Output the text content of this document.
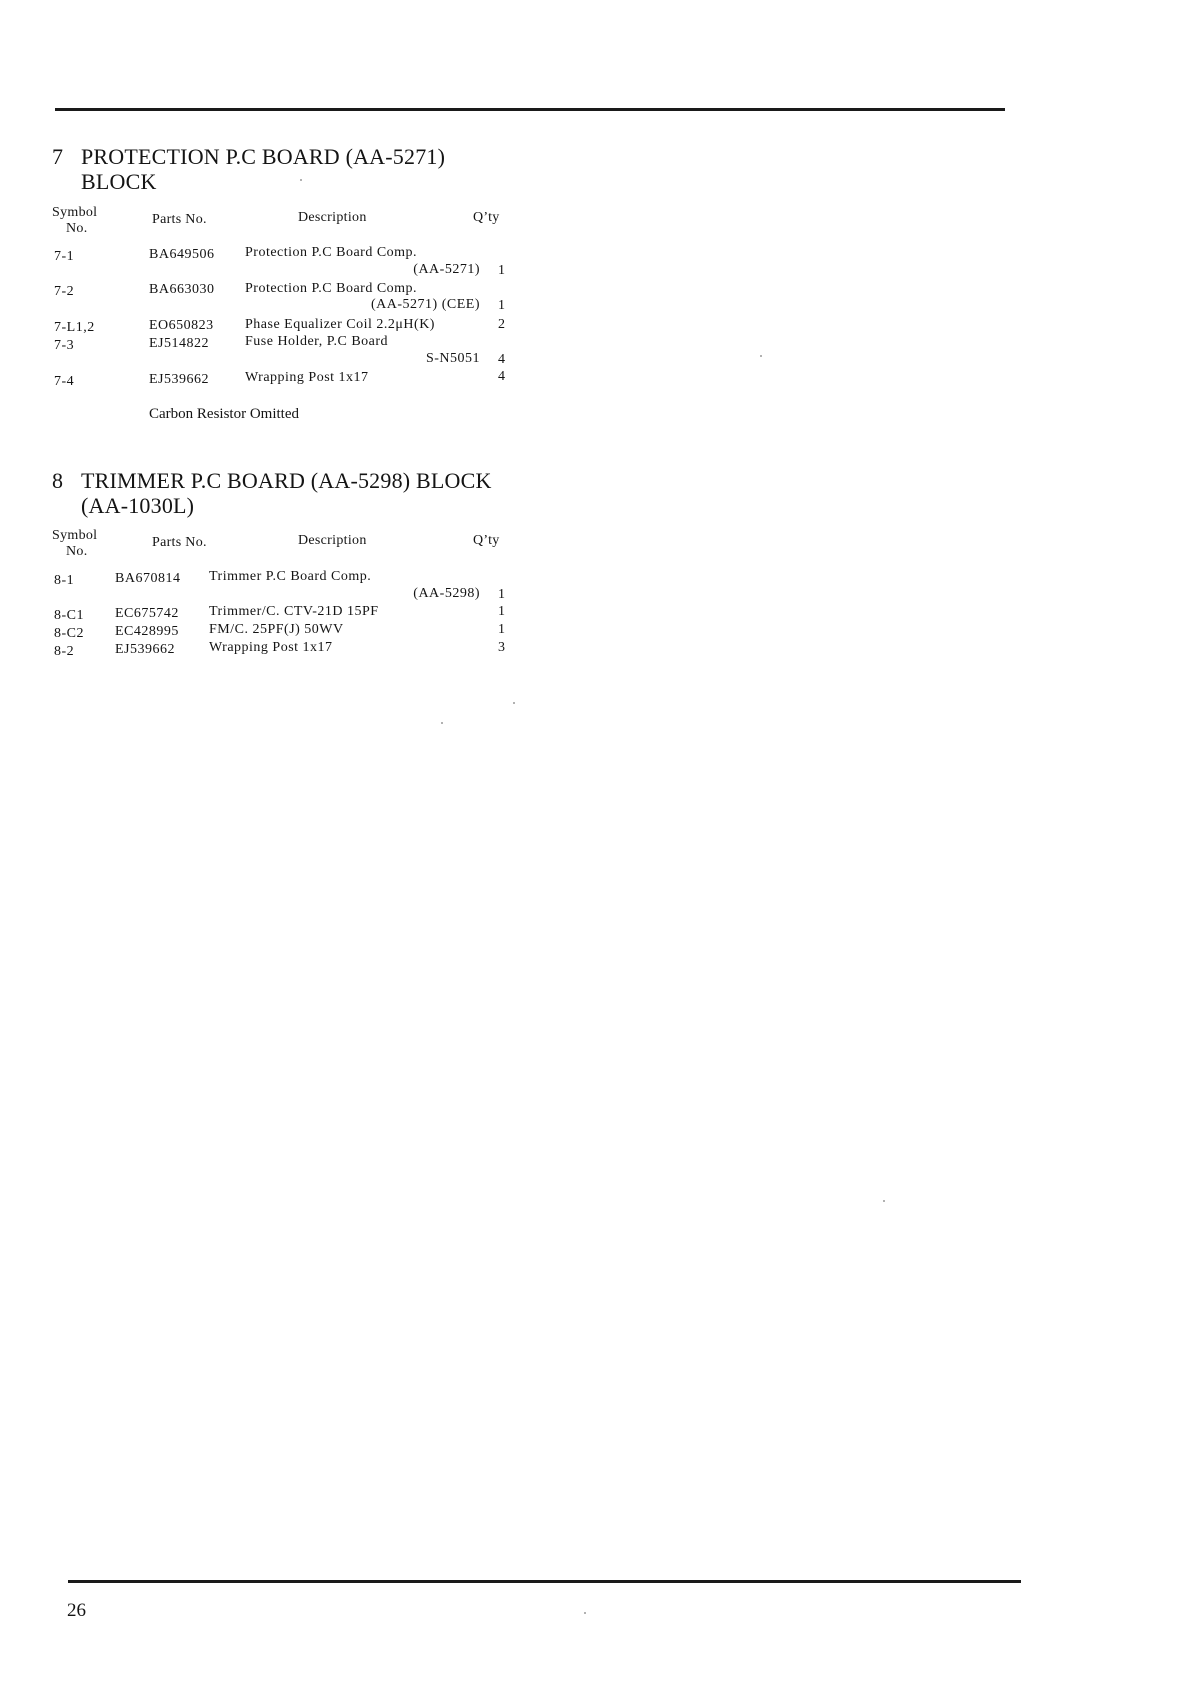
7 PROTECTION P.C BOARD (AA-5271)
BLOCK
Symbol
No.
Parts No.	Description	Q’ty
7-1	BA649506 Protection P.C Board Comp.
(AA-5271) 1
7-2	BA663030 Protection P.C Board Comp.
(AA-5271) (CEE) 1
7-L1,2	EO650823 Phase Equalizer Coil 2.2μH(K)	2
7-3	EJ514822	Fuse Holder, P.C Board
S-N5051 4
7-4	EJ539662	Wrapping Post 1x17	4
Carbon Resistor Omitted
8 TRIMMER P.C BOARD (AA-5298) BLOCK
(AA-1030L)
Symbol
No.
Parts No.	Description	Q’ty
8-1	BA670814 Trimmer P.C Board Comp.
(AA-5298) 1
8-C1 EC675742 Trimmer/C. CTV-21D 15PF	1
8-C2 EC428995 FM/C. 25PF(J) 50WV	1
8-2	EJ539662 Wrapping Post 1x17	3
26
